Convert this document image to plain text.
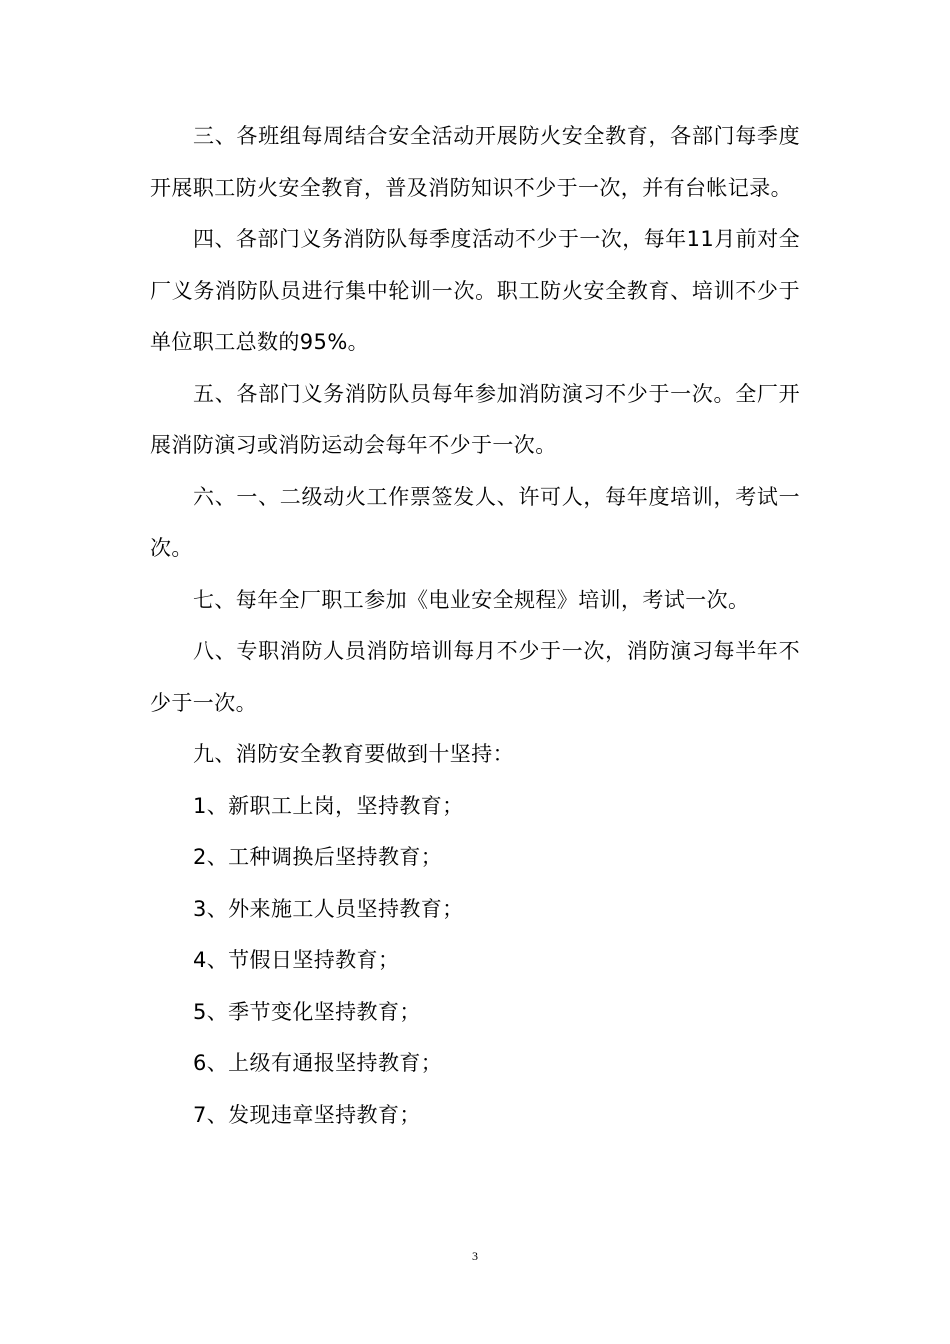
三、各班组每周结合安全活动开展防火安全教育，各部门每季度开展职工防火安全教育，普及消防知识不少于一次，并有台帐记录。

四、各部门义务消防队每季度活动不少于一次，每年11月前对全厂义务消防队员进行集中轮训一次。职工防火安全教育、培训不少于单位职工总数的95%。

五、各部门义务消防队员每年参加消防演习不少于一次。全厂开展消防演习或消防运动会每年不少于一次。

六、一、二级动火工作票签发人、许可人，每年度培训，考试一次。

七、每年全厂职工参加《电业安全规程》培训，考试一次。

八、专职消防人员消防培训每月不少于一次，消防演习每半年不少于一次。

九、消防安全教育要做到十坚持：

1、新职工上岗，坚持教育；

2、工种调换后坚持教育；

3、外来施工人员坚持教育；

4、节假日坚持教育；

5、季节变化坚持教育；

6、上级有通报坚持教育；

7、发现违章坚持教育；

3
